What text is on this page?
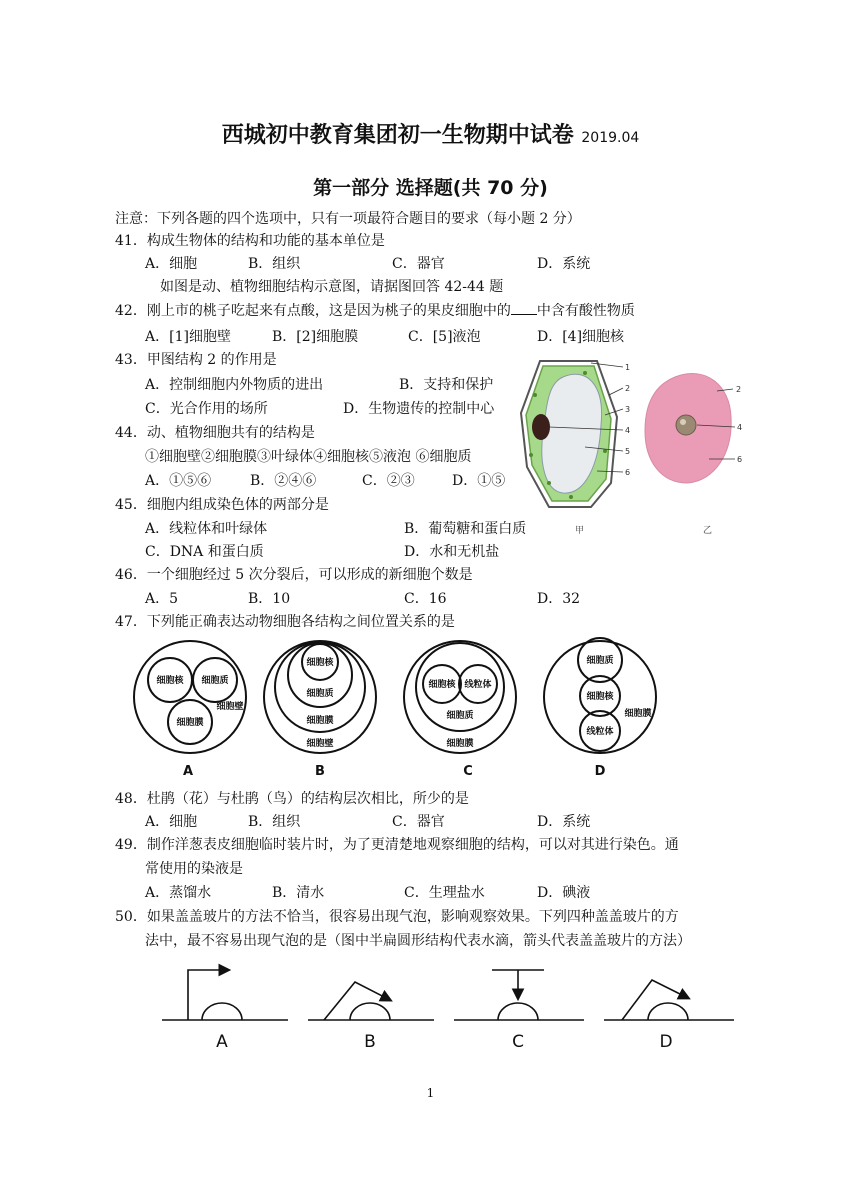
西城初中教育集团初一生物期中试卷 2019.04
第一部分 选择题(共 70 分)
注意：下列各题的四个选项中，只有一项最符合题目的要求（每小题 2 分）
41．构成生物体的结构和功能的基本单位是
A．细胞	B．组织	C．器官	D．系统
如图是动、植物细胞结构示意图，请据图回答 42-44 题
42．刚上市的桃子吃起来有点酸，这是因为桃子的果皮细胞中的 中含有酸性物质
A．[1]细胞壁	B．[2]细胞膜	C．[5]液泡	D．[4]细胞核
43．甲图结构 2 的作用是
A．控制细胞内外物质的进出	B．支持和保护
C．光合作用的场所	D．生物遗传的控制中心
44．动、植物细胞共有的结构是
①细胞壁②细胞膜③叶绿体④细胞核⑤液泡 ⑥细胞质
A．①⑤⑥	B．②④⑥	C．②③	D．①⑤
45．细胞内组成染色体的两部分是
A．线粒体和叶绿体	B．葡萄糖和蛋白质
C．DNA 和蛋白质	D．水和无机盐
46．一个细胞经过 5 次分裂后，可以形成的新细胞个数是
A．5	B．10	C．16	D．32
47．下列能正确表达动物细胞各结构之间位置关系的是
48．杜鹃（花）与杜鹃（鸟）的结构层次相比，所少的是
A．细胞	B．组织	C．器官	D．系统
49．制作洋葱表皮细胞临时装片时，为了更清楚地观察细胞的结构，可以对其进行染色。通
常使用的染液是
A．蒸馏水	B．清水	C．生理盐水	D．碘液
50．如果盖盖玻片的方法不恰当，很容易出现气泡，影响观察效果。下列四种盖盖玻片的方
法中，最不容易出现气泡的是（图中半扁圆形结构代表水滴，箭头代表盖盖玻片的方法）
1
2
3
4
5
6
2
4
6
甲	乙
细胞核 细胞质
细胞膜
细胞壁
细胞核
细胞质
细胞膜
细胞壁
细胞核 线粒体
细胞质
细胞膜
细胞质
细胞核
线粒体
细胞膜
A	B	C	D
A	B	C	D
1
